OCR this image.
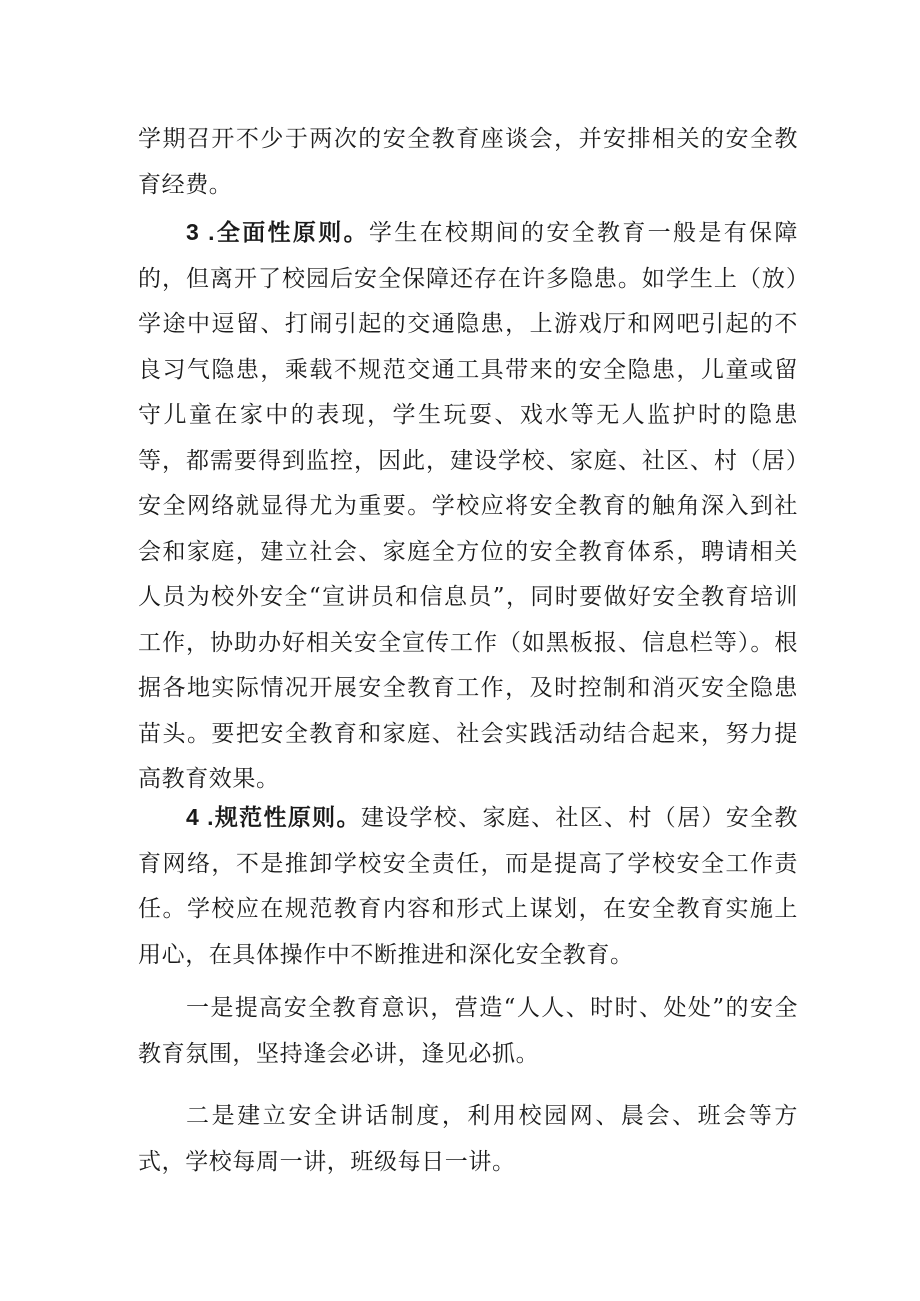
学期召开不少于两次的安全教育座谈会，并安排相关的安全教育经费。

3 .全面性原则。学生在校期间的安全教育一般是有保障的，但离开了校园后安全保障还存在许多隐患。如学生上（放）学途中逗留、打闹引起的交通隐患，上游戏厅和网吧引起的不良习气隐患，乘载不规范交通工具带来的安全隐患，儿童或留守儿童在家中的表现，学生玩耍、戏水等无人监护时的隐患等，都需要得到监控，因此，建设学校、家庭、社区、村（居）安全网络就显得尤为重要。学校应将安全教育的触角深入到社会和家庭，建立社会、家庭全方位的安全教育体系，聘请相关人员为校外安全“宣讲员和信息员”，同时要做好安全教育培训工作，协助办好相关安全宣传工作（如黑板报、信息栏等）。根据各地实际情况开展安全教育工作，及时控制和消灭安全隐患苗头。要把安全教育和家庭、社会实践活动结合起来，努力提高教育效果。

4 .规范性原则。建设学校、家庭、社区、村（居）安全教育网络，不是推卸学校安全责任，而是提高了学校安全工作责任。学校应在规范教育内容和形式上谋划，在安全教育实施上用心，在具体操作中不断推进和深化安全教育。

一是提高安全教育意识，营造“人人、时时、处处”的安全教育氛围，坚持逢会必讲，逢见必抓。

二是建立安全讲话制度，利用校园网、晨会、班会等方式，学校每周一讲，班级每日一讲。
